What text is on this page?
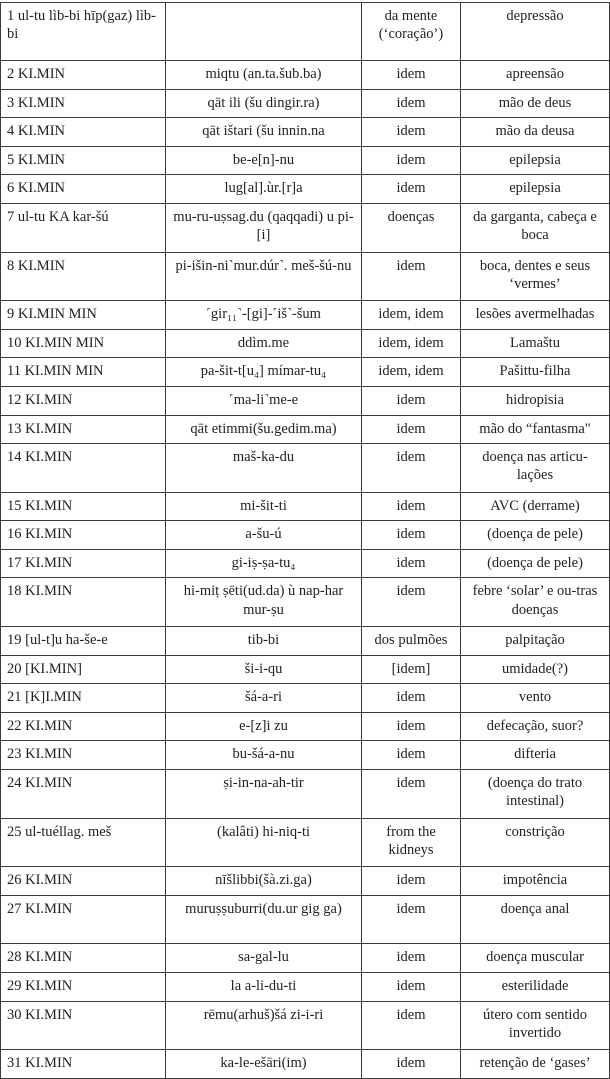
1 ul-tu lìb-bi hīp(gaz) lìb-bi		da mente (‘coração’)	depressão
2 KI.MIN	miqtu (an.ta.šub.ba)	idem	apreensão
3 KI.MIN	qāt ili (šu dingir.ra)	idem	mão de deus
4 KI.MIN	qāt ištari (šu innin.na	idem	mão da deusa
5 KI.MIN	be-e[n]-nu	idem	epilepsia
6 KI.MIN	lug[al].ùr.[r]a	idem	epilepsia
7 ul-tu KA kar-šú	mu-ru-uṣsag.du (qaqqadi) u pi-[i]	doenças	da garganta, cabeça e boca
8 KI.MIN	pi-išin-ni˺mur.dúr˺. meš-šú-nu	idem	boca, dentes e seus ‘vermes’
9 KI.MIN MIN	˹gir₁₁˺-[gi]-˹iš˺-šum	idem, idem	lesões avermelhadas
10 KI.MIN MIN	ddìm.me	idem, idem	Lamaštu
11 KI.MIN MIN	pa-šit-t[u₄] mímar-tu₄	idem, idem	Pašittu-filha
12 KI.MIN	˹ma-li˺me-e	idem	hidropisia
13 KI.MIN	qāt etimmi(šu.gedim.ma)	idem	mão do “fantasma"
14 KI.MIN	maš-ka-du	idem	doença nas articu-lações
15 KI.MIN	mi-šit-ti	idem	AVC (derrame)
16 KI.MIN	a-šu-ú	idem	(doença de pele)
17 KI.MIN	gi-iṣ-ṣa-tu₄	idem	(doença de pele)
18 KI.MIN	hi-miṭ ṣēti(ud.da) ù nap-har mur-ṣu	idem	febre ‘solar’ e ou-tras doenças
19 [ul-t]u ha-še-e	tib-bi	dos pulmões	palpitação
20 [KI.MIN]	ši-i-qu	[idem]	umidade(?)
21 [K]I.MIN	šá-a-ri	idem	vento
22 KI.MIN	e-[z]i zu	idem	defecação, suor?
23 KI.MIN	bu-šá-a-nu	idem	difteria
24 KI.MIN	ṣi-in-na-ah-tir	idem	(doença do trato intestinal)
25 ul-tuéllag. meš	(kalâti) hi-niq-ti	from the kidneys	constrição
26 KI.MIN	nīšlibbi(šà.zi.ga)	idem	impotência
27 KI.MIN	muruṣṣuburri(du.ur gig ga)	idem	doença anal
28 KI.MIN	sa-gal-lu	idem	doença muscular
29 KI.MIN	la a-li-du-ti	idem	esterilidade
30 KI.MIN	rēmu(arhuš)šá zi-i-ri	idem	útero com sentido invertido
31 KI.MIN	ka-le-ešāri(im)	idem	retenção de ‘gases’
